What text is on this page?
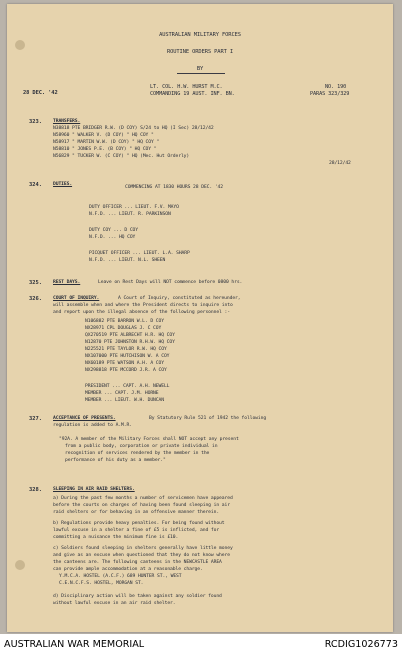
AUSTRALIAN MILITARY FORCES
ROUTINE ORDERS PART I
BY
28 DEC. '42
LT. COL. H.W. HURST M.C.
COMMANDING 19 AUST. INF. BN.
NO. 190
PARAS 323/329
323. TRANSFERS.
N38818 PTE BRIDGER R.W. (D COY) S/24 to HQ (I Sec) 28/12/42
N58960 " WALKER V. (D COY) " HQ COY "
N58917 " MARTIN W.W. (D COY) " HQ COY "
N58810 " JONES P.E. (B COY) " HQ COY "
N56829 " TUCKER W. (C COY) " HQ (Mec. Hut Orderly)
28/12/42
324. DUTIES.
COMMENCING AT 1830 HOURS 28 DEC. '42
DUTY OFFICER ... LIEUT. F.V. MAYO
N.F.D. ... LIEUT. R. PARKINSON
DUTY COY ... D COY
N.F.D. ... HQ COY
PICQUET OFFICER ... LIEUT. L.A. SHARP
N.F.D. ... LIEUT. N.L. SHEEN
325. REST DAYS.	Leave on Rest Days will NOT commence before 0800 hrs.
326. COURT OF INQUIRY.	A Court of Inquiry, constituted as hereunder,
will assemble when and where the President directs to inquire into
and report upon the illegal absence of the following personnel :-
N106882 PTE BARRON W.L. D COY
NX28971 CPL DOUGLAS J. C COY
QX270519 PTE ALBRECHT H.R. HQ COY
N12870 PTE JOHNSTON R.H.W. HQ COY
N225521 PTE TAYLOR R.W. HQ COY
NX107000 PTE HUTCHISON W. A COY
NX60189 PTE WATSON A.H. A COY
NX298818 PTE MCCORD J.R. A COY
PRESIDENT ... CAPT. A.H. NEWELL
MEMBER ... CAPT. J.M. HORNE
MEMBER ... LIEUT. W.H. DUNCAN
327. ACCEPTANCE OF PRESENTS.	By Statutory Rule 521 of 1942 the following
regulation is added to A.M.R.
"92A. A member of the Military Forces shall NOT accept any present
from a public body, corporation or private individual in
recognition of services rendered by the member in the
performance of his duty as a member."
328. SLEEPING IN AIR RAID SHELTERS.
a) During the past few months a number of servicemen have appeared
before the courts on charges of having been found sleeping in air
raid shelters or for behaving in an offensive manner therein.
b) Regulations provide heavy penalties. For being found without
lawful excuse in a shelter a fine of £5 is inflicted, and for
committing a nuisance the minimum fine is £10.
c) Soldiers found sleeping in shelters generally have little money
and give as an excuse when questioned that they do not know where
the canteens are. The following canteens in the NEWCASTLE AREA
can provide ample accommodation at a reasonable charge.
Y.M.C.A. HOSTEL (A.C.F.) 689 HUNTER ST., WEST
C.E.N.C.F.S. HOSTEL, MORGAN ST.
d) Disciplinary action will be taken against any soldier found
without lawful excuse in an air raid shelter.
AUSTRALIAN WAR MEMORIAL	RCDIG1026773
